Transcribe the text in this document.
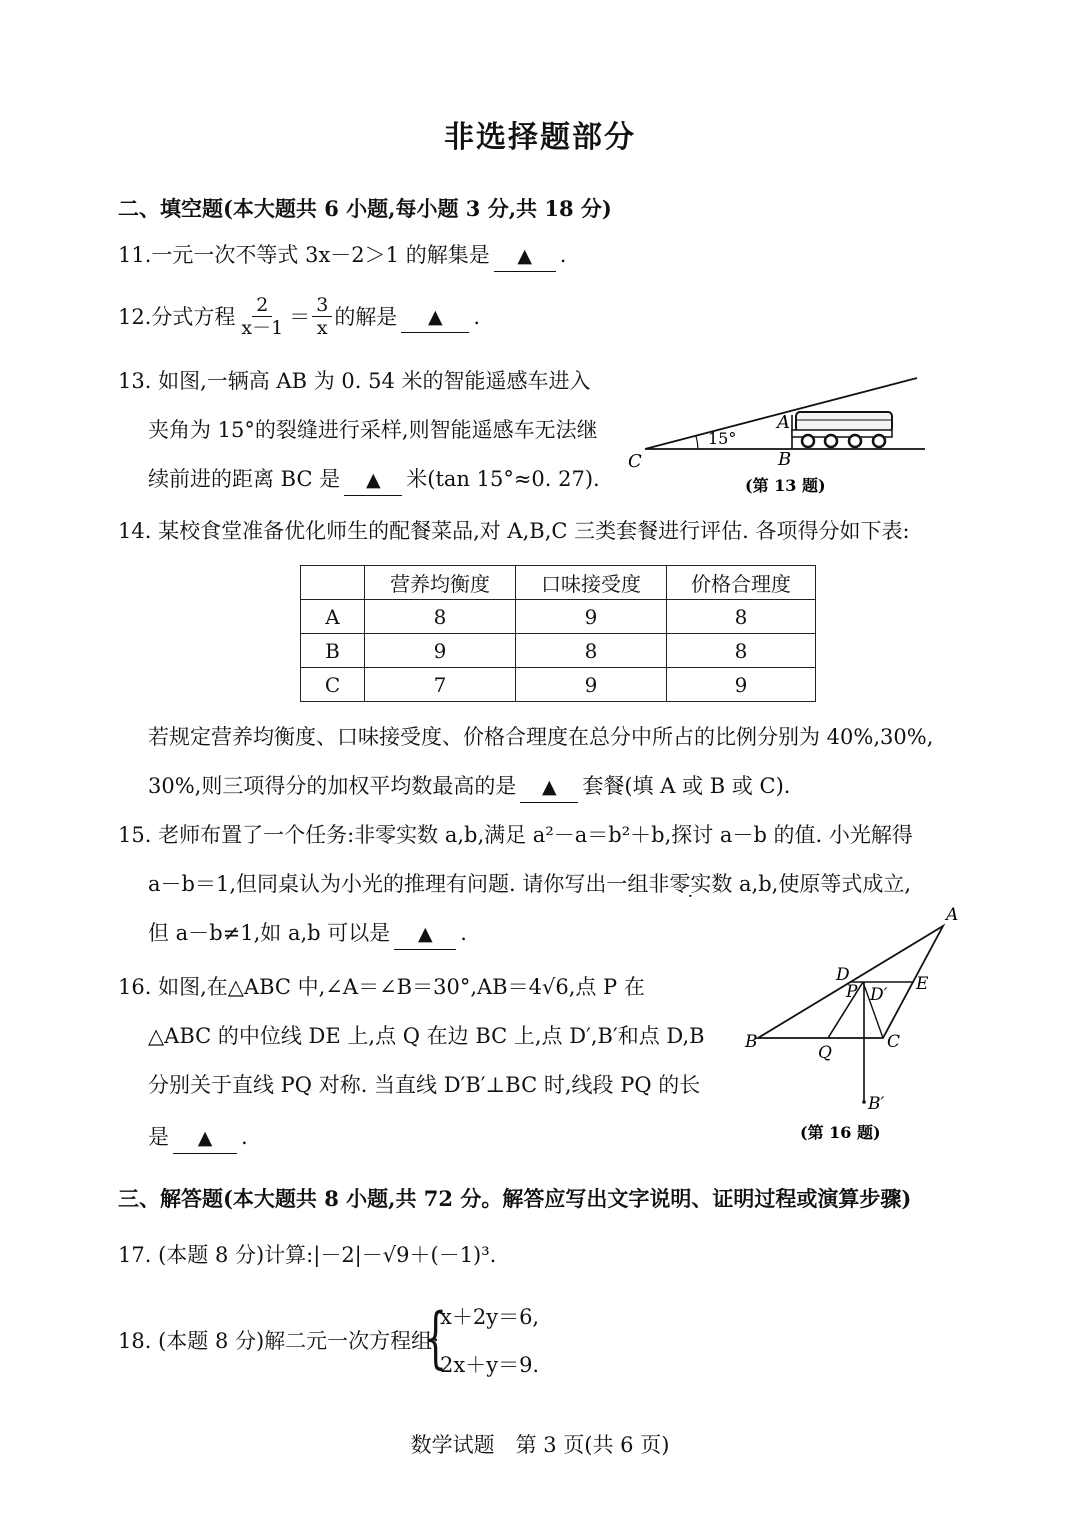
非选择题部分
二、填空题(本大题共 6 小题,每小题 3 分,共 18 分)
11.一元一次不等式 3x－2＞1 的解集是 ▲ .
12. 分式方程 $\frac{2}{x-1} = \frac{3}{x}$ 的解是	▲	.
13. 如图,一辆高 AB 为 0. 54 米的智能遥感车进入
夹角为 15°的裂缝进行采样,则智能遥感车无法继
续前进的距离 BC 是 ▲ 米(tan 15°≈0. 27).
C	B
A
15°
(第 13 题)
14. 某校食堂准备优化师生的配餐菜品,对 A,B,C 三类套餐进行评估. 各项得分如下表:
	营养均衡度	口味接受度	价格合理度
A	8	9	8
B	9	8	8
C	7	9	9
若规定营养均衡度、口味接受度、价格合理度在总分中所占的比例分别为 40%,30%,
30%,则三项得分的加权平均数最高的是 ▲ 套餐(填 A 或 B 或 C).
15. 老师布置了一个任务:非零实数 a,b,满足 a²－a＝b²＋b,探讨 a－b 的值. 小光解得
a－b＝1,但同桌认为小光的推理有问题. 请你写出一组非零实数 a,b,使原等式成立,
但 a－b≠1,如 a,b 可以是 ▲ .
16. 如图,在△ABC 中,∠A＝∠B＝30°,AB＝4√6,点 P 在
△ABC 的中位线 DE 上,点 Q 在边 BC 上,点 D′,B′和点 D,B
分别关于直线 PQ 对称. 当直线 D′B′⊥BC 时,线段 PQ 的长
是 ▲ .
B
A
C
D	E
P D′
Q
B′
(第 16 题)
三、解答题(本大题共 8 小题,共 72 分。解答应写出文字说明、证明过程或演算步骤)
17. (本题 8 分)计算:|－2|－√9＋(－1)³.
18. (本题 8 分)解二元一次方程组:
{
x＋2y＝6,
2x＋y＝9.
数学试题　第 3 页(共 6 页)
